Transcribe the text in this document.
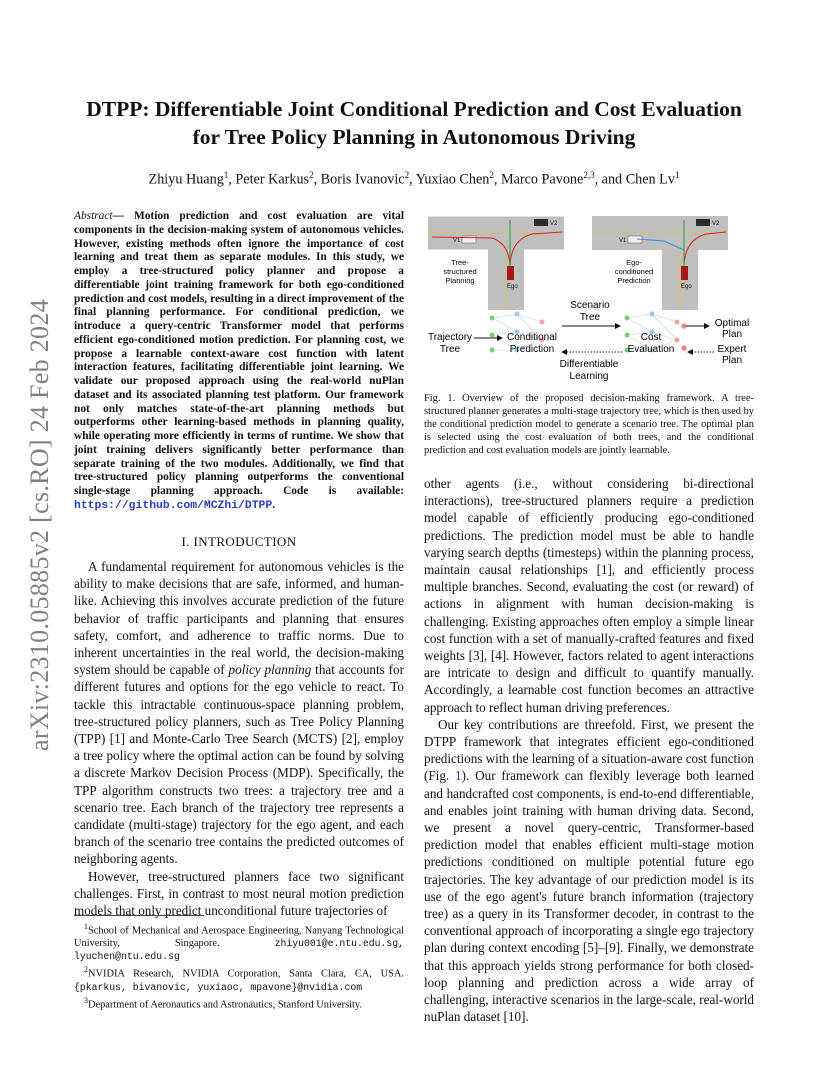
arXiv:2310.05885v2 [cs.RO] 24 Feb 2024
DTPP: Differentiable Joint Conditional Prediction and Cost Evaluation
for Tree Policy Planning in Autonomous Driving
Zhiyu Huang$^1$, Peter Karkus$^2$, Boris Ivanovic$^2$, Yuxiao Chen$^2$, Marco Pavone$^{2,3}$, and Chen Lv$^1$
Abstract— Motion prediction and cost evaluation are vital components in the decision-making system of autonomous vehicles. However, existing methods often ignore the importance of cost learning and treat them as separate modules. In this study, we employ a tree-structured policy planner and propose a differentiable joint training framework for both ego-conditioned prediction and cost models, resulting in a direct improvement of the final planning performance. For conditional prediction, we introduce a query-centric Transformer model that performs efficient ego-conditioned motion prediction. For planning cost, we propose a learnable context-aware cost function with latent interaction features, facilitating differentiable joint learning. We validate our proposed approach using the real-world nuPlan dataset and its associated planning test platform. Our framework not only matches state-of-the-art planning methods but outperforms other learning-based methods in planning quality, while operating more efficiently in terms of runtime. We show that joint training delivers significantly better performance than separate training of the two modules. Additionally, we find that tree-structured policy planning outperforms the conventional single-stage planning approach. Code is available: https://github.com/MCZhi/DTPP.
I. INTRODUCTION

A fundamental requirement for autonomous vehicles is the ability to make decisions that are safe, informed, and human-like. Achieving this involves accurate prediction of the future behavior of traffic participants and planning that ensures safety, comfort, and adherence to traffic norms. Due to inherent uncertainties in the real world, the decision-making system should be capable of policy planning that accounts for different futures and options for the ego vehicle to react. To tackle this intractable continuous-space planning problem, tree-structured policy planners, such as Tree Policy Planning (TPP) [1] and Monte-Carlo Tree Search (MCTS) [2], employ a tree policy where the optimal action can be found by solving a discrete Markov Decision Process (MDP). Specifically, the TPP algorithm constructs two trees: a trajectory tree and a scenario tree. Each branch of the trajectory tree represents a candidate (multi-stage) trajectory for the ego agent, and each branch of the scenario tree contains the predicted outcomes of neighboring agents.

However, tree-structured planners face two significant challenges. First, in contrast to most neural motion prediction models that only predict unconditional future trajectories of

$^1$School of Mechanical and Aerospace Engineering, Nanyang Technological University, Singapore. zhiyu001@e.ntu.edu.sg, lyuchen@ntu.edu.sg
$^2$NVIDIA Research, NVIDIA Corporation, Santa Clara, CA, USA. {pkarkus, bivanovic, yuxiaoc, mpavone}@nvidia.com
$^3$Department of Aeronautics and Astronautics, Stanford University.
V2
V1
Ego
Tree-
structured
Planning
V2
V1
Ego
Ego-
conditioned
Prediction
Scenario
Tree
Trajectory
Tree
Conditional
Prediction
Cost
Evaluation
Optimal
Plan
Expert
Plan
Differentiable
Learning
Fig. 1. Overview of the proposed decision-making framework. A tree-structured planner generates a multi-stage trajectory tree, which is then used by the conditional prediction model to generate a scenario tree. The optimal plan is selected using the cost evaluation of both trees, and the conditional prediction and cost evaluation models are jointly learnable.

other agents (i.e., without considering bi-directional interactions), tree-structured planners require a prediction model capable of efficiently producing ego-conditioned predictions. The prediction model must be able to handle varying search depths (timesteps) within the planning process, maintain causal relationships [1], and efficiently process multiple branches. Second, evaluating the cost (or reward) of actions in alignment with human decision-making is challenging. Existing approaches often employ a simple linear cost function with a set of manually-crafted features and fixed weights [3], [4]. However, factors related to agent interactions are intricate to design and difficult to quantify manually. Accordingly, a learnable cost function becomes an attractive approach to reflect human driving preferences.

Our key contributions are threefold. First, we present the DTPP framework that integrates efficient ego-conditioned predictions with the learning of a situation-aware cost function (Fig. 1). Our framework can flexibly leverage both learned and handcrafted cost components, is end-to-end differentiable, and enables joint training with human driving data. Second, we present a novel query-centric, Transformer-based prediction model that enables efficient multi-stage motion predictions conditioned on multiple potential future ego trajectories. The key advantage of our prediction model is its use of the ego agent's future branch information (trajectory tree) as a query in its Transformer decoder, in contrast to the conventional approach of incorporating a single ego trajectory plan during context encoding [5]–[9]. Finally, we demonstrate that this approach yields strong performance for both closed-loop planning and prediction across a wide array of challenging, interactive scenarios in the large-scale, real-world nuPlan dataset [10].
